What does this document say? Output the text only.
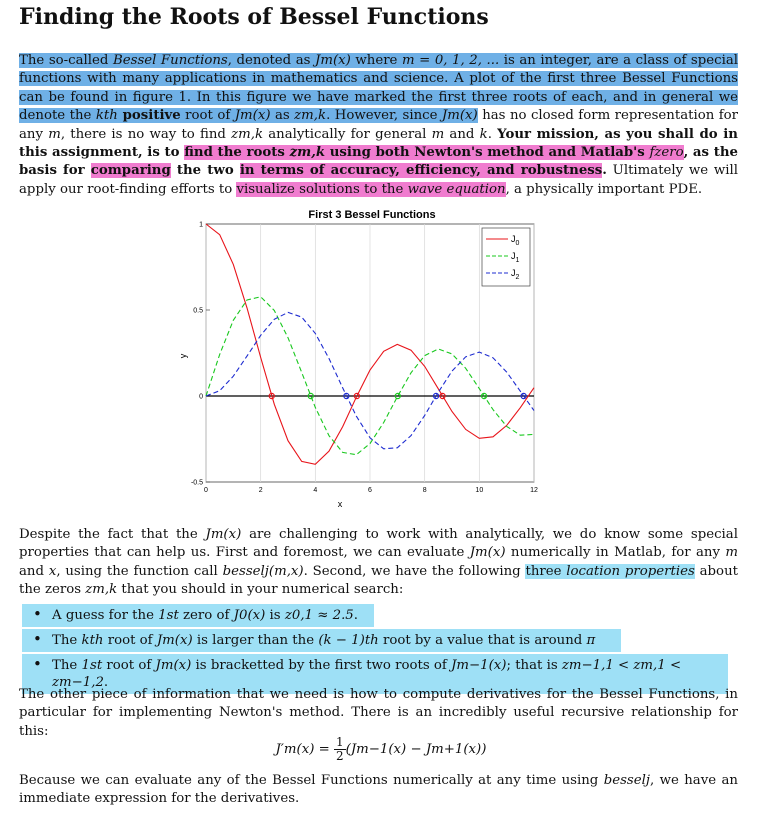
Finding the Roots of Bessel Functions
The so-called Bessel Functions, denoted as Jm(x) where m = 0, 1, 2, ... is an integer, are a class of special functions with many applications in mathematics and science. A plot of the first three Bessel Functions can be found in figure 1. In this figure we have marked the first three roots of each, and in general we denote the kth positive root of Jm(x) as zm,k. However, since Jm(x) has no closed form representation for any m, there is no way to find zm,k analytically for general m and k. Your mission, as you shall do in this assignment, is to find the roots zm,k using both Newton's method and Matlab's fzero, as the basis for comparing the two in terms of accuracy, efficiency, and robustness. Ultimately we will apply our root-finding efforts to visualize solutions to the wave equation, a physically important PDE.
First 3 Bessel Functions
x
y
0	2	4	6	8	10	12
-0.5
0
0.5
1
$J_0$
$J_1$
$J_2$
Despite the fact that the Jm(x) are challenging to work with analytically, we do know some special properties that can help us. First and foremost, we can evaluate Jm(x) numerically in Matlab, for any m and x, using the function call besselj(m,x). Second, we have the following three location properties about the zeros zm,k that you should in your numerical search:
• A guess for the 1st zero of J0(x) is z0,1 ≈ 2.5.
• The kth root of Jm(x) is larger than the (k − 1)th root by a value that is around π
• The 1st root of Jm(x) is bracketted by the first two roots of Jm−1(x); that is zm−1,1 < zm,1 < zm−1,2.
The other piece of information that we need is how to compute derivatives for the Bessel Functions, in particular for implementing Newton's method. There is an incredibly useful recursive relationship for this:
$J'm(x) = \frac{1}{2}(Jm-1(x) - Jm+1(x))$
Because we can evaluate any of the Bessel Functions numerically at any time using besselj, we have an immediate expression for the derivatives.
